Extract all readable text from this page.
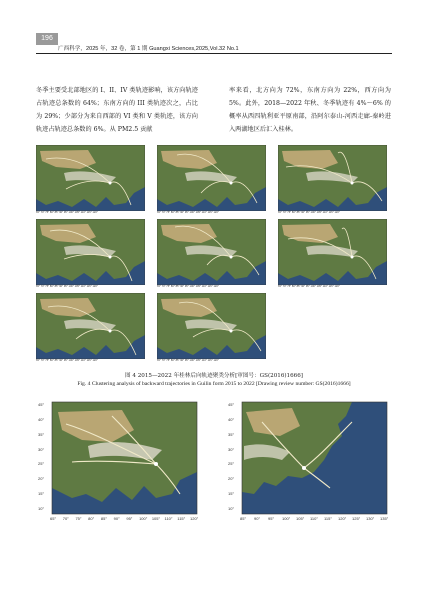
196
广西科学，2025 年，32 卷，第 1 期 Guangxi Sciences,2025,Vol.32 No.1

冬季主要受北部地区的 I、II、IV 类轨迹影响，该方向轨迹占轨迹总条数的 64%；东南方向的 III 类轨迹次之，占比为 29%；少部分为来自西部的 VI 类和 V 类轨迹，该方向轨迹占轨迹总条数的 6%。从 PM2.5 贡献

率来看，北方向为 72%，东南方向为 22%，西方向为 5%。此外，2018—2022 年秋、冬季轨迹有 4%～6% 的概率从西四轨利亚平原南部，沿阿尔泰山-河西走廊-秦岭进入两湖地区后汇入桂林。

65° 70° 75° 80° 85° 90° 95° 100° 105° 110° 115° 120°	65° 70° 75° 80° 85° 90° 95° 100° 105° 110° 115° 120°	65° 70° 75° 80° 85° 90° 95° 100° 105° 110° 115° 120°
65° 70° 75° 80° 85° 90° 95° 100° 105° 110° 115° 120°	65° 70° 75° 80° 85° 90° 95° 100° 105° 110° 115° 120°	65° 70° 75° 80° 85° 90° 95° 100° 105° 110° 115° 120°
65° 70° 75° 80° 85° 90° 95° 100° 105° 110° 115° 120°	65° 70° 75° 80° 85° 90° 95° 100° 105° 110° 115° 120°
图 4 2015—2022 年桂林后向轨迹聚类分析[审图号：GS(2016)1666]
Fig. 4 Clustering analysis of backward trajectories in Guilin form 2015 to 2022 [Drawing review number: GS(2016)1666]
45°
40°
35°
30°
25°
20°
15°
10°
65° 70° 75° 80° 85° 90° 95° 100° 105° 110° 115° 120°
45°
40°
35°
30°
25°
20°
15°
10°
85° 90° 95° 100° 105° 110° 115° 120° 125° 130° 135°
